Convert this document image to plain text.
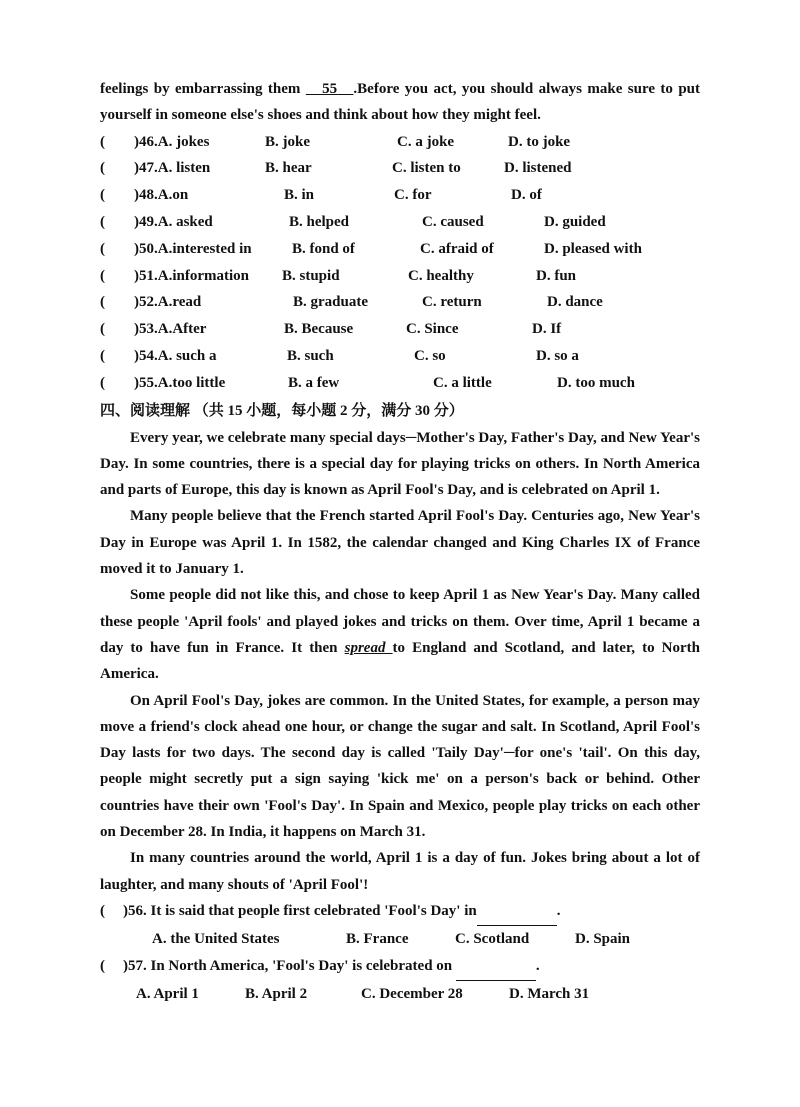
feelings by embarrassing them    55 .Before you act, you should always make sure to put yourself in someone else's shoes and think about how they might feel.

( )46.A. jokes	B. joke	C. a joke	D. to joke
( )47.A. listen	B. hear	C. listen to	D. listened
( )48.A.on	B. in	C. for	D. of
( )49.A. asked	B. helped	C. caused	D. guided
( )50.A.interested in	B. fond of	C. afraid of	D. pleased with
( )51.A.information B. stupid	C. healthy	D. fun
( )52.A.read	B. graduate	C. return	D. dance
( )53.A.After	B. Because	C. Since	D. If
( )54.A. such a	B. such	C. so	D. so a
( )55.A.too little	B. a few	C. a little	D. too much

四、阅读理解 （共 15 小题，每小题 2 分，满分 30 分）

Every year, we celebrate many special days─Mother's Day, Father's Day, and New Year's Day. In some countries, there is a special day for playing tricks on others. In North America and parts of Europe, this day is known as April Fool's Day, and is celebrated on April 1.

Many people believe that the French started April Fool's Day. Centuries ago, New Year's Day in Europe was April 1. In 1582, the calendar changed and King Charles IX of France moved it to January 1.

Some people did not like this, and chose to keep April 1 as New Year's Day. Many called these people 'April fools' and played jokes and tricks on them. Over time, April 1 became a day to have fun in France. It then spread to England and Scotland, and later, to North America.

On April Fool's Day, jokes are common. In the United States, for example, a person may move a friend's clock ahead one hour, or change the sugar and salt. In Scotland, April Fool's Day lasts for two days. The second day is called 'Taily Day'─for one's 'tail'. On this day, people might secretly put a sign saying 'kick me' on a person's back or behind. Other countries have their own 'Fool's Day'. In Spain and Mexico, people play tricks on each other on December 28. In India, it happens on March 31.

In many countries around the world, April 1 is a day of fun. Jokes bring about a lot of laughter, and many shouts of 'April Fool'!

( )56. It is said that people first celebrated 'Fool's Day' in	.
A. the United States	B. France	C. Scotland	D. Spain
( )57. In North America, 'Fool's Day' is celebrated on	.
A. April 1	B. April 2	C. December 28	D. March 31
